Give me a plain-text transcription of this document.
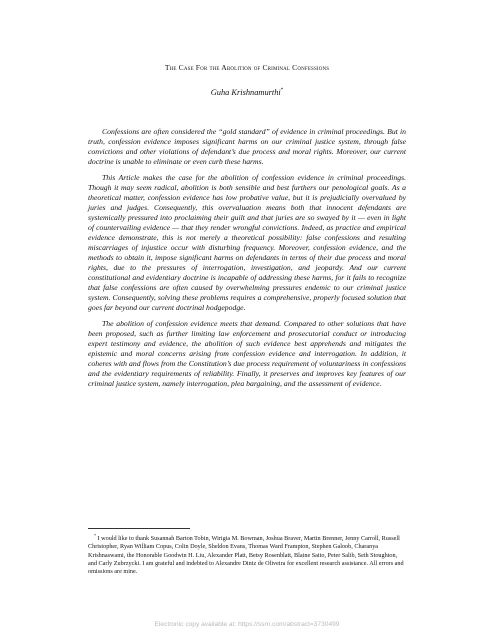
The Case For the Abolition of Criminal Confessions
Guha Krishnamurthi*

Confessions are often considered the “gold standard” of evidence in criminal proceedings. But in truth, confession evidence imposes significant harms on our criminal justice system, through false convictions and other violations of defendant’s due process and moral rights. Moreover, our current doctrine is unable to eliminate or even curb these harms.

This Article makes the case for the abolition of confession evidence in criminal proceedings. Though it may seem radical, abolition is both sensible and best furthers our penological goals. As a theoretical matter, confession evidence has low probative value, but it is prejudicially overvalued by juries and judges. Consequently, this overvaluation means both that innocent defendants are systemically pressured into proclaiming their guilt and that juries are so swayed by it — even in light of countervailing evidence — that they render wrongful convictions. Indeed, as practice and empirical evidence demonstrate, this is not merely a theoretical possibility: false confessions and resulting miscarriages of injustice occur with disturbing frequency. Moreover, confession evidence, and the methods to obtain it, impose significant harms on defendants in terms of their due process and moral rights, due to the pressures of interrogation, investigation, and jeopardy. And our current constitutional and evidentiary doctrine is incapable of addressing these harms, for it fails to recognize that false confessions are often caused by overwhelming pressures endemic to our criminal justice system. Consequently, solving these problems requires a comprehensive, properly focused solution that goes far beyond our current doctrinal hodgepodge.

The abolition of confession evidence meets that demand. Compared to other solutions that have been proposed, such as further limiting law enforcement and prosecutorial conduct or introducing expert testimony and evidence, the abolition of such evidence best apprehends and mitigates the epistemic and moral concerns arising from confession evidence and interrogation. In addition, it coheres with and flows from the Constitution’s due process requirement of voluntariness in confessions and the evidentiary requirements of reliability. Finally, it preserves and improves key features of our criminal justice system, namely interrogation, plea bargaining, and the assessment of evidence.

* I would like to thank Susannah Barton Tobin, Wirigia M. Bowman, Joshua Braver, Martin Brenner, Jenny Carroll, Russell Christopher, Ryan William Copus, Colin Doyle, Sheldon Evans, Thomas Ward Frampton, Stephen Galoob, Charanya Krishnaswami, the Honorable Goodwin H. Liu, Alexander Platt, Betsy Rosenblatt, Blaine Saito, Peter Salib, Seth Stoughton, and Carly Zubrzycki. I am grateful and indebted to Alexandre Diniz de Oliveira for excellent research assistance. All errors and omissions are mine.

Electronic copy available at: https://ssrn.com/abstract=3730499
